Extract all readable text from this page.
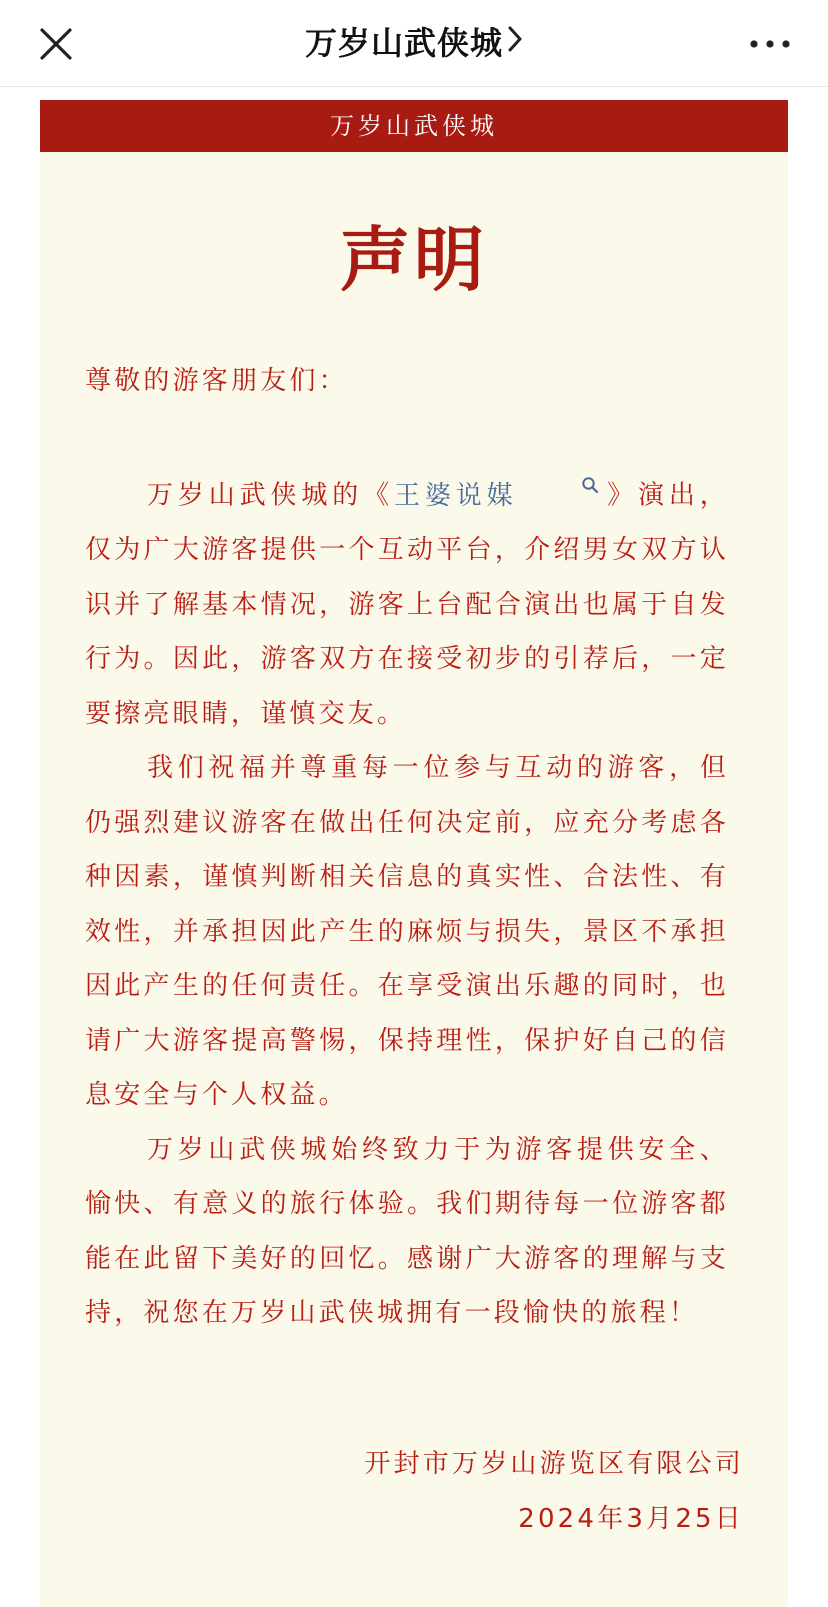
万岁山武侠城
万岁山武侠城
声明
尊敬的游客朋友们：

万岁山武侠城的《王婆说媒	》演出，仅为广大游客提供一个互动平台，介绍男女双方认识并了解基本情况，游客上台配合演出也属于自发行为。因此，游客双方在接受初步的引荐后，一定要擦亮眼睛，谨慎交友。

我们祝福并尊重每一位参与互动的游客，但仍强烈建议游客在做出任何决定前，应充分考虑各种因素，谨慎判断相关信息的真实性、合法性、有效性，并承担因此产生的麻烦与损失，景区不承担因此产生的任何责任。在享受演出乐趣的同时，也请广大游客提高警惕，保持理性，保护好自己的信息安全与个人权益。

万岁山武侠城始终致力于为游客提供安全、愉快、有意义的旅行体验。我们期待每一位游客都能在此留下美好的回忆。感谢广大游客的理解与支持，祝您在万岁山武侠城拥有一段愉快的旅程！

开封市万岁山游览区有限公司
2024年3月25日
